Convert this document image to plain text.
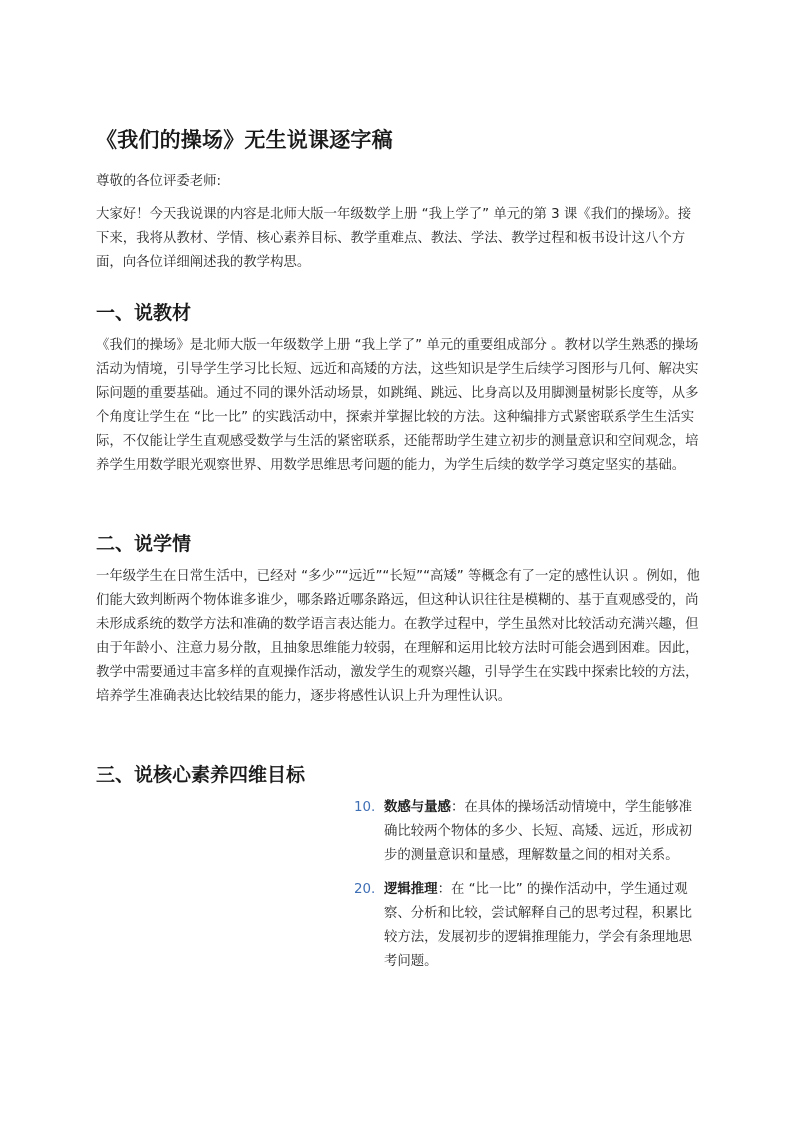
《我们的操场》无生说课逐字稿

尊敬的各位评委老师:

大家好！今天我说课的内容是北师大版一年级数学上册 “我上学了” 单元的第 3 课《我们的操场》。接下来，我将从教材、学情、核心素养目标、教学重难点、教法、学法、教学过程和板书设计这八个方面，向各位详细阐述我的教学构思。

一、说教材

《我们的操场》是北师大版一年级数学上册 “我上学了” 单元的重要组成部分 。教材以学生熟悉的操场活动为情境，引导学生学习比长短、远近和高矮的方法，这些知识是学生后续学习图形与几何、解决实际问题的重要基础。通过不同的课外活动场景，如跳绳、跳远、比身高以及用脚测量树影长度等，从多个角度让学生在 “比一比” 的实践活动中，探索并掌握比较的方法。这种编排方式紧密联系学生生活实际，不仅能让学生直观感受数学与生活的紧密联系，还能帮助学生建立初步的测量意识和空间观念，培养学生用数学眼光观察世界、用数学思维思考问题的能力，为学生后续的数学学习奠定坚实的基础。

二、说学情

一年级学生在日常生活中，已经对 “多少”“远近”“长短”“高矮” 等概念有了一定的感性认识 。例如，他们能大致判断两个物体谁多谁少，哪条路近哪条路远，但这种认识往往是模糊的、基于直观感受的，尚未形成系统的数学方法和准确的数学语言表达能力。在教学过程中，学生虽然对比较活动充满兴趣，但由于年龄小、注意力易分散，且抽象思维能力较弱，在理解和运用比较方法时可能会遇到困难。因此，教学中需要通过丰富多样的直观操作活动，激发学生的观察兴趣，引导学生在实践中探索比较的方法，培养学生准确表达比较结果的能力，逐步将感性认识上升为理性认识。

三、说核心素养四维目标
10. 数感与量感：在具体的操场活动情境中，学生能够准确比较两个物体的多少、长短、高矮、远近，形成初步的测量意识和量感，理解数量之间的相对关系。
20. 逻辑推理：在 “比一比” 的操作活动中，学生通过观察、分析和比较，尝试解释自己的思考过程，积累比较方法，发展初步的逻辑推理能力，学会有条理地思考问题。
